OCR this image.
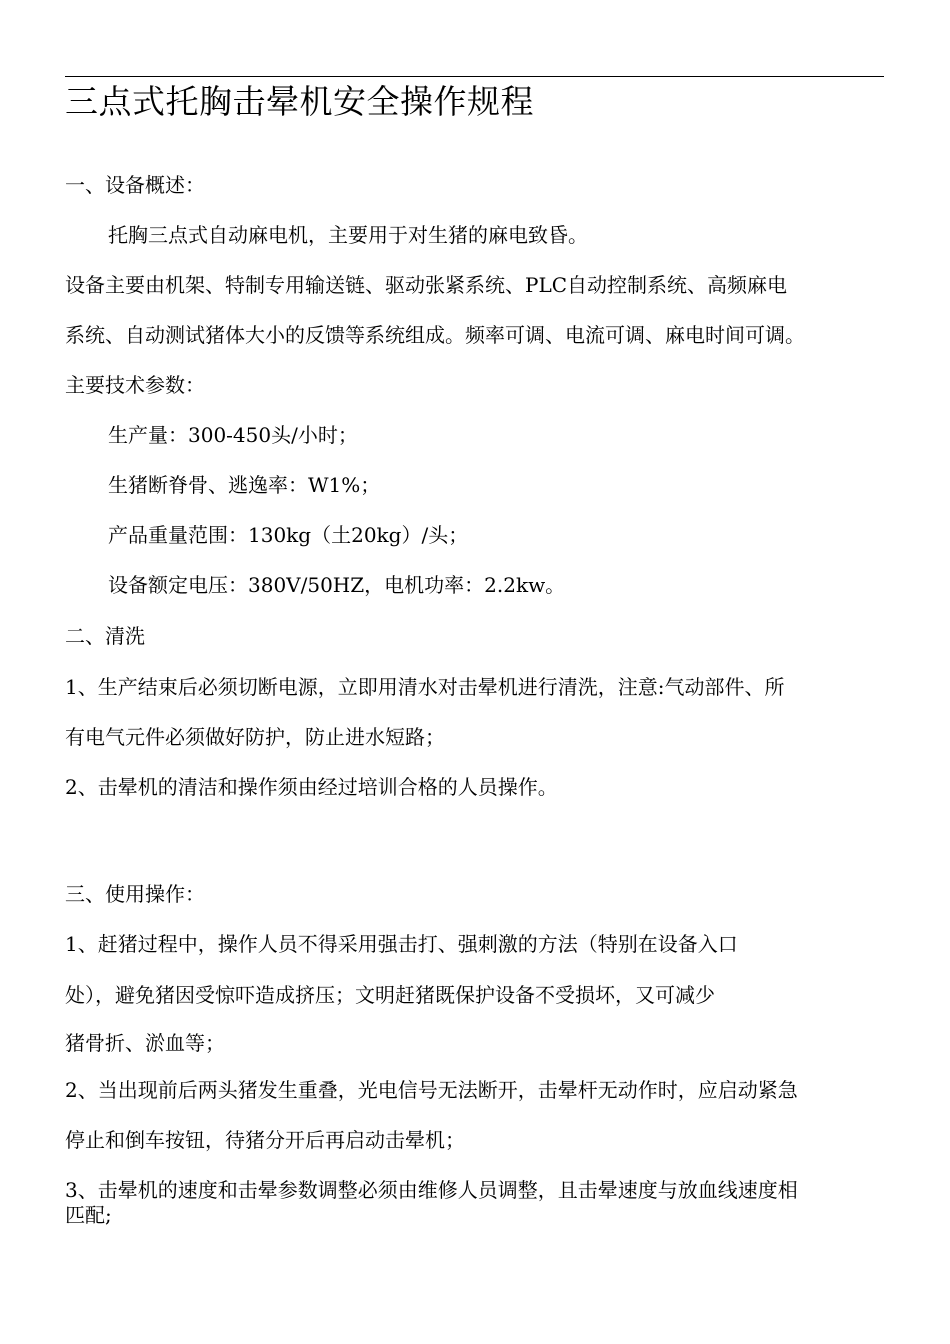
三点式托胸击晕机安全操作规程
一、设备概述：
托胸三点式自动麻电机，主要用于对生猪的麻电致昏。
设备主要由机架、特制专用输送链、驱动张紧系统、PLC自动控制系统、高频麻电
系统、自动测试猪体大小的反馈等系统组成。频率可调、电流可调、麻电时间可调。
主要技术参数：
生产量：300-450头/小时；
生猪断脊骨、逃逸率：W1%；
产品重量范围：130kg（土20kg）/头；
设备额定电压：380V/50HZ，电机功率：2.2kw。
二、清洗
1、生产结束后必须切断电源，立即用清水对击晕机进行清洗，注意:气动部件、所
有电气元件必须做好防护，防止进水短路；
2、击晕机的清洁和操作须由经过培训合格的人员操作。
三、使用操作：
1、赶猪过程中，操作人员不得采用强击打、强刺激的方法（特别在设备入口
处），避免猪因受惊吓造成挤压；文明赶猪既保护设备不受损坏，又可减少
猪骨折、淤血等；
2、当出现前后两头猪发生重叠，光电信号无法断开，击晕杆无动作时，应启动紧急
停止和倒车按钮，待猪分开后再启动击晕机；
3、击晕机的速度和击晕参数调整必须由维修人员调整，且击晕速度与放血线速度相
匹配;
